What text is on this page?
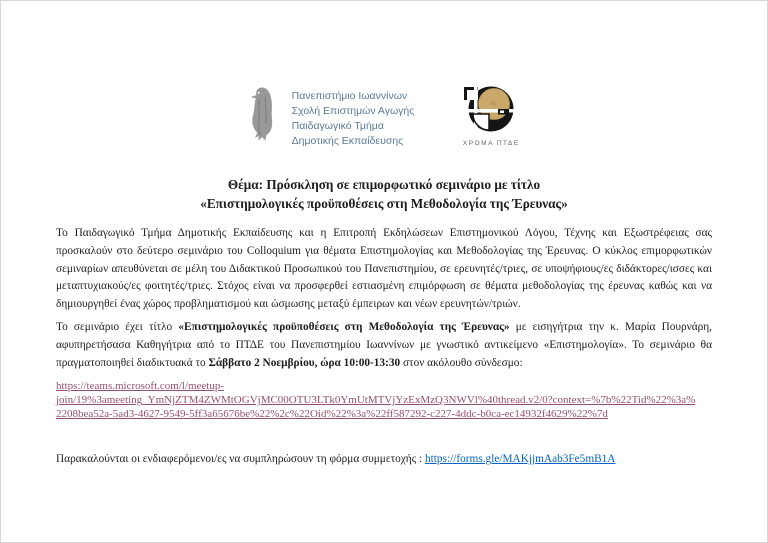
Πανεπιστήμιο Ιωαννίνων
Σχολή Επιστημών Αγωγής
Παιδαγωγικό Τμήμα
Δημοτικής Εκπαίδευσης	ΧΡΟΜΑ ΠΤΔΕ
Θέμα: Πρόσκληση σε επιμορφωτικό σεμινάριο με τίτλο
«Επιστημολογικές προϋποθέσεις στη Μεθοδολογία της Έρευνας»

Το Παιδαγωγικό Τμήμα Δημοτικής Εκπαίδευσης και η Επιτροπή Εκδηλώσεων Επιστημονικού Λόγου, Τέχνης και Εξωστρέφειας σας προσκαλούν στο δεύτερο σεμινάριο του Colloquium για θέματα Επιστημολογίας και Μεθοδολογίας της Έρευνας. Ο κύκλος επιμορφωτικών σεμιναρίων απευθύνεται σε μέλη του Διδακτικού Προσωπικού του Πανεπιστημίου, σε ερευνητές/τριες, σε υποψήφιους/ες διδάκτορες/ισσες και μεταπτυχιακούς/ες φοιτητές/τριες. Στόχος είναι να προσφερθεί εστιασμένη επιμόρφωση σε θέματα μεθοδολογίας της έρευνας καθώς και να δημιουργηθεί ένας χώρος προβληματισμού και ώσμωσης μεταξύ έμπειρων και νέων ερευνητών/τριών.

Το σεμινάριο έχει τίτλο «Επιστημολογικές προϋποθέσεις στη Μεθοδολογία της Έρευνας» με εισηγήτρια την κ. Μαρία Πουρνάρη, αφυπηρετήσασα Καθηγήτρια από το ΠΤΔΕ του Πανεπιστημίου Ιωαννίνων με γνωστικό αντικείμενο «Επιστημολογία». Το σεμινάριο θα πραγματοποιηθεί διαδικτυακά το Σάββατο 2 Νοεμβρίου, ώρα 10:00-13:30 στον ακόλουθο σύνδεσμο:

https://teams.microsoft.com/l/meetup-
join/19%3ameeting_YmNjZTM4ZWMtOGVjMC00OTU3LTk0YmUtMTVjYzExMzQ3NWVl%40thread.v2/0?context=%7b%22Tid%22%3a%
2208bea52a-5ad3-4627-9549-5ff3a65676be%22%2c%22Oid%22%3a%22ff587292-c227-4ddc-b0ca-ec14932f4629%22%7d

Παρακαλούνται οι ενδιαφερόμενοι/ες να συμπληρώσουν τη φόρμα συμμετοχής : https://forms.gle/MAKjjmAab3Fe5mB1A
